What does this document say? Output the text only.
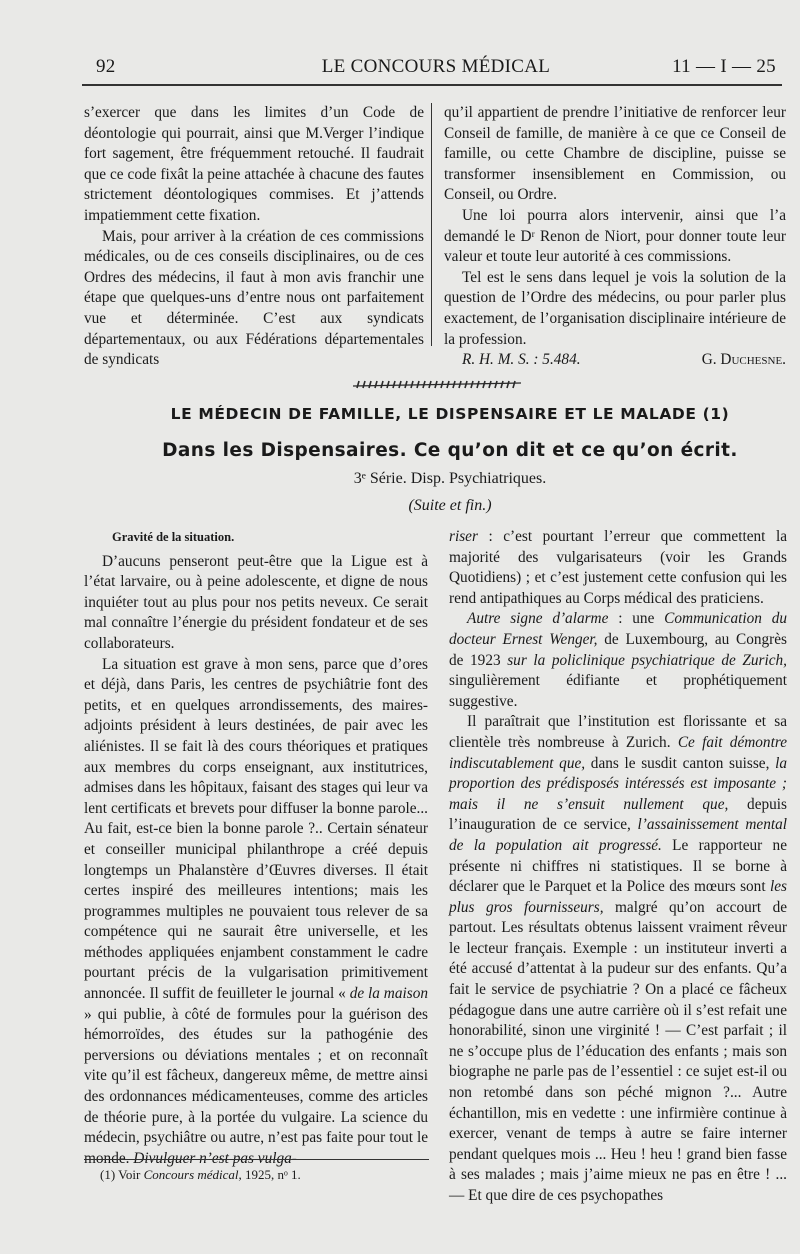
92	LE CONCOURS MÉDICAL	11 — I — 25

s’exercer que dans les limites d’un Code de déontologie qui pourrait, ainsi que M.Verger l’indique fort sagement, être fréquemment retouché. Il faudrait que ce code fixât la peine attachée à chacune des fautes strictement déontologiques commises. Et j’attends impatiemment cette fixation.

Mais, pour arriver à la création de ces commissions médicales, ou de ces conseils disciplinaires, ou de ces Ordres des médecins, il faut à mon avis franchir une étape que quelques-uns d’entre nous ont parfaitement vue et déterminée. C’est aux syndicats départementaux, ou aux Fédérations départementales de syndicats

qu’il appartient de prendre l’initiative de renforcer leur Conseil de famille, de manière à ce que ce Conseil de famille, ou cette Chambre de discipline, puisse se transformer insensiblement en Commission, ou Conseil, ou Ordre.

Une loi pourra alors intervenir, ainsi que l’a demandé le Dʳ Renon de Niort, pour donner toute leur valeur et toute leur autorité à ces commissions.

Tel est le sens dans lequel je vois la solution de la question de l’Ordre des médecins, ou pour parler plus exactement, de l’organisation disciplinaire intérieure de la profession.

R. H. M. S. : 5.484.	G. Duchesne.
LE MÉDECIN DE FAMILLE, LE DISPENSAIRE ET LE MALADE (1)
Dans les Dispensaires. Ce qu’on dit et ce qu’on écrit.
3ᵉ Série. Disp. Psychiatriques.
(Suite et fin.)

Gravité de la situation.

D’aucuns penseront peut-être que la Ligue est à l’état larvaire, ou à peine adolescente, et digne de nous inquiéter tout au plus pour nos petits neveux. Ce serait mal connaître l’énergie du président fondateur et de ses collaborateurs.

La situation est grave à mon sens, parce que d’ores et déjà, dans Paris, les centres de psychiâtrie font des petits, et en quelques arrondissements, des maires-adjoints président à leurs destinées, de pair avec les aliénistes. Il se fait là des cours théoriques et pratiques aux membres du corps enseignant, aux institutrices, admises dans les hôpitaux, faisant des stages qui leur va lent certificats et brevets pour diffuser la bonne parole... Au fait, est-ce bien la bonne parole ?.. Certain sénateur et conseiller municipal philanthrope a créé depuis longtemps un Phalanstère d’Œuvres diverses. Il était certes inspiré des meilleures intentions; mais les programmes multiples ne pouvaient tous relever de sa compétence qui ne saurait être universelle, et les méthodes appliquées enjambent constamment le cadre pourtant précis de la vulgarisation primitivement annoncée. Il suffit de feuilleter le journal « de la maison » qui publie, à côté de formules pour la guérison des hémorroïdes, des études sur la pathogénie des perversions ou déviations mentales ; et on reconnaît vite qu’il est fâcheux, dangereux même, de mettre ainsi des ordonnances médicamenteuses, comme des articles de théorie pure, à la portée du vulgaire. La science du médecin, psychiâtre ou autre, n’est pas faite pour tout le monde. Divulguer n’est pas vulga-

riser : c’est pourtant l’erreur que commettent la majorité des vulgarisateurs (voir les Grands Quotidiens) ; et c’est justement cette confusion qui les rend antipathiques au Corps médical des praticiens.

Autre signe d’alarme : une Communication du docteur Ernest Wenger, de Luxembourg, au Congrès de 1923 sur la policlinique psychiatrique de Zurich, singulièrement édifiante et prophétiquement suggestive.

Il paraîtrait que l’institution est florissante et sa clientèle très nombreuse à Zurich. Ce fait démontre indiscutablement que, dans le susdit canton suisse, la proportion des prédisposés intéressés est imposante ; mais il ne s’ensuit nullement que, depuis l’inauguration de ce service, l’assainissement mental de la population ait progressé. Le rapporteur ne présente ni chiffres ni statistiques. Il se borne à déclarer que le Parquet et la Police des mœurs sont les plus gros fournisseurs, malgré qu’on accourt de partout. Les résultats obtenus laissent vraiment rêveur le lecteur français. Exemple : un instituteur inverti a été accusé d’attentat à la pudeur sur des enfants. Qu’a fait le service de psychiatrie ? On a placé ce fâcheux pédagogue dans une autre carrière où il s’est refait une honorabilité, sinon une virginité ! — C’est parfait ; il ne s’occupe plus de l’éducation des enfants ; mais son biographe ne parle pas de l’essentiel : ce sujet est-il ou non retombé dans son péché mignon ?... Autre échantillon, mis en vedette : une infirmière continue à exercer, venant de temps à autre se faire interner pendant quelques mois ... Heu ! heu ! grand bien fasse à ses malades ; mais j’aime mieux ne pas en être ! ... — Et que dire de ces psychopathes

(1) Voir Concours médical, 1925, nᵒ 1.
